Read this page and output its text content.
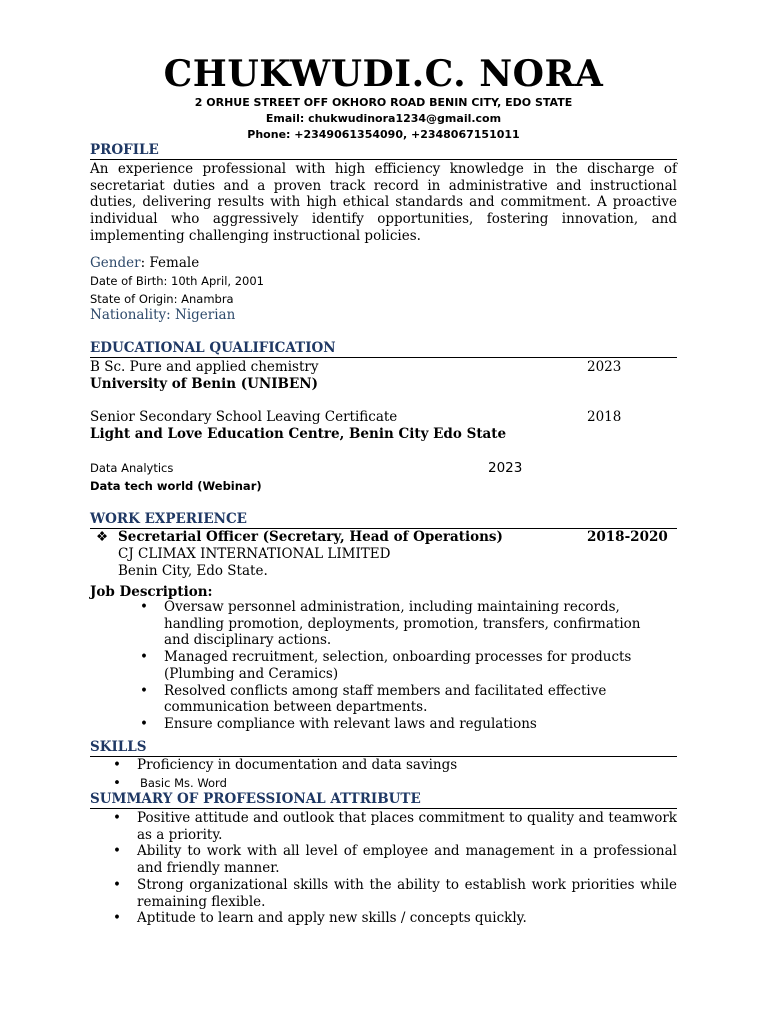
CHUKWUDI.C. NORA
2 ORHUE STREET OFF OKHORO ROAD BENIN CITY, EDO STATE
Email: chukwudinora1234@gmail.com
Phone: +2349061354090, +2348067151011
PROFILE
An experience professional with high efficiency knowledge in the discharge of secretariat duties and a proven track record in administrative and instructional duties, delivering results with high ethical standards and commitment. A proactive individual who aggressively identify opportunities, fostering innovation, and implementing challenging instructional policies.
Gender: Female
Date of Birth: 10th April, 2001
State of Origin: Anambra
Nationality: Nigerian
EDUCATIONAL QUALIFICATION
B Sc. Pure and applied chemistry	2023
University of Benin (UNIBEN)
Senior Secondary School Leaving Certificate	2018
Light and Love Education Centre, Benin City Edo State
Data Analytics	2023
Data tech world (Webinar)
WORK EXPERIENCE
❖ Secretarial Officer (Secretary, Head of Operations)	2018-2020
CJ CLIMAX INTERNATIONAL LIMITED
Benin City, Edo State.
Job Description:
• Oversaw personnel administration, including maintaining records, handling promotion, deployments, promotion, transfers, confirmation and disciplinary actions.
• Managed recruitment, selection, onboarding processes for products (Plumbing and Ceramics)
• Resolved conflicts among staff members and facilitated effective communication between departments.
• Ensure compliance with relevant laws and regulations
SKILLS
• Proficiency in documentation and data savings
• Basic Ms. Word
SUMMARY OF PROFESSIONAL ATTRIBUTE
• Positive attitude and outlook that places commitment to quality and teamwork as a priority.
• Ability to work with all level of employee and management in a professional and friendly manner.
• Strong organizational skills with the ability to establish work priorities while remaining flexible.
• Aptitude to learn and apply new skills / concepts quickly.
